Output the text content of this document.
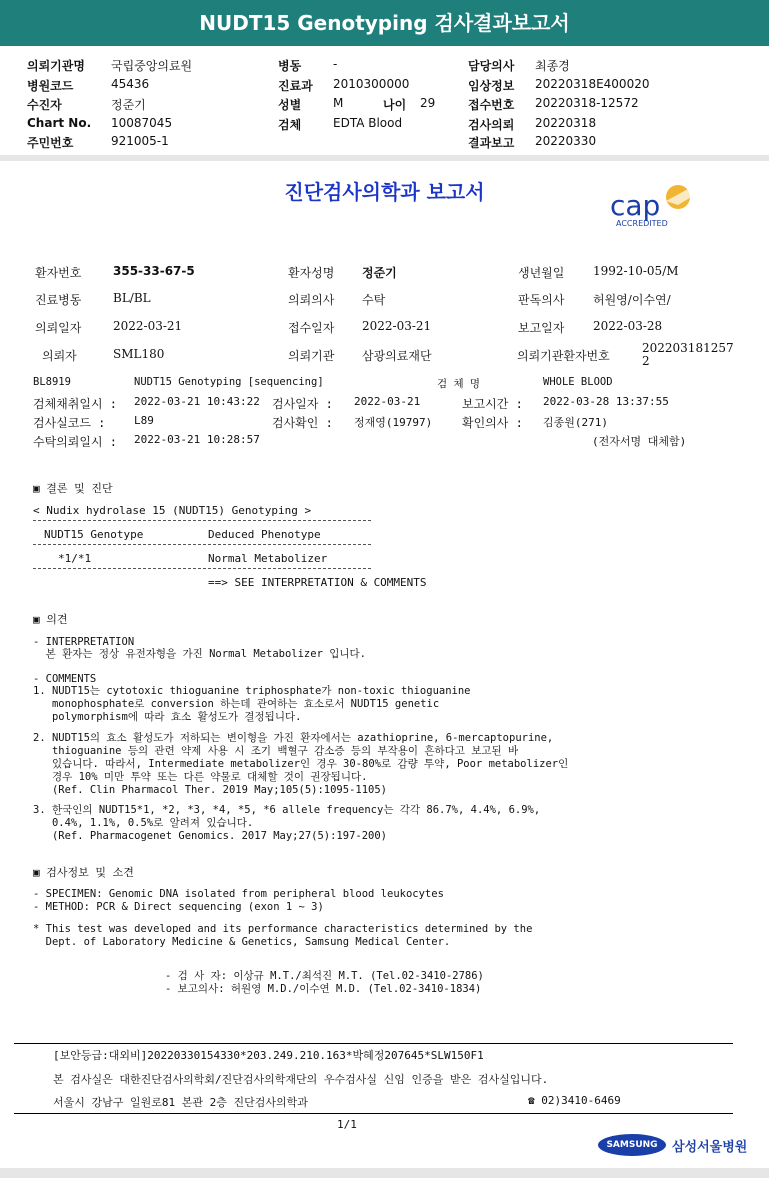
NUDT15 Genotyping 검사결과보고서
의뢰기관명 국립중앙의료원	병동	-	담당의사 최종경
병원코드	45436	진료과 2010300000	임상정보 20220318E400020
수진자	정준기	성별	M	나이 29	접수번호 20220318-12572
Chart No. 10087045	검체	EDTA Blood	검사의뢰 20220318
주민번호	921005-1	결과보고 20220330
진단검사의학과 보고서	cap
ACCREDITED
환자번호	355-33-67-5	환자성명 정준기	생년월일 1992-10-05/M
진료병동	BL/BL	의뢰의사 수탁	판독의사 허원영/이수연/
의뢰일자	2022-03-21	접수일자 2022-03-21	보고일자 2022-03-28
의뢰자	SML180	의뢰기관 삼광의료재단	의뢰기관환자번호
202203181257
2
BL8919	NUDT15 Genotyping [sequencing]	검 체 명	WHOLE BLOOD
검체채취일시 : 2022-03-21 10:43:22 검사일자 : 2022-03-21	보고시간 : 2022-03-28 13:37:55
검사실코드 :	L89	검사확인 : 정재영(19797) 확인의사 : 김종원(271)
수탁의뢰일시 : 2022-03-21 10:28:57	(전자서명 대체함)
▣ 결론 및 진단
< Nudix hydrolase 15 (NUDT15) Genotyping >
NUDT15 Genotype	Deduced Phenotype
*1/*1	Normal Metabolizer
==> SEE INTERPRETATION & COMMENTS
▣ 의견
- INTERPRETATION
본 환자는 정상 유전자형을 가진 Normal Metabolizer 입니다.
- COMMENTS
1. NUDT15는 cytotoxic thioguanine triphosphate가 non-toxic thioguanine
monophosphate로 conversion 하는데 관여하는 효소로서 NUDT15 genetic
polymorphism에 따라 효소 활성도가 결정됩니다.
2. NUDT15의 효소 활성도가 저하되는 변이형을 가진 환자에서는 azathioprine, 6-mercaptopurine,
thioguanine 등의 관련 약제 사용 시 조기 백혈구 감소증 등의 부작용이 흔하다고 보고된 바
있습니다. 따라서, Intermediate metabolizer인 경우 30-80%로 감량 투약, Poor metabolizer인
경우 10% 미만 투약 또는 다른 약물로 대체할 것이 권장됩니다.
(Ref. Clin Pharmacol Ther. 2019 May;105(5):1095-1105)
3. 한국인의 NUDT15*1, *2, *3, *4, *5, *6 allele frequency는 각각 86.7%, 4.4%, 6.9%,
0.4%, 1.1%, 0.5%로 알려져 있습니다.
(Ref. Pharmacogenet Genomics. 2017 May;27(5):197-200)
▣ 검사정보 및 소견
- SPECIMEN: Genomic DNA isolated from peripheral blood leukocytes
- METHOD: PCR & Direct sequencing (exon 1 ~ 3)
* This test was developed and its performance characteristics determined by the
Dept. of Laboratory Medicine & Genetics, Samsung Medical Center.
- 검 사 자: 이상규 M.T./최석진 M.T. (Tel.02-3410-2786)
- 보고의사: 허원영 M.D./이수연 M.D. (Tel.02-3410-1834)
[보안등급:대외비]20220330154330*203.249.210.163*박혜정207645*SLW150F1
본 검사실은 대한진단검사의학회/진단검사의학재단의 우수검사실 신임 인증을 받은 검사실입니다.
서울시 강남구 일원로81 본관 2층 진단검사의학과	☎ 02)3410-6469
1/1
SAMSUNG	삼성서울병원
